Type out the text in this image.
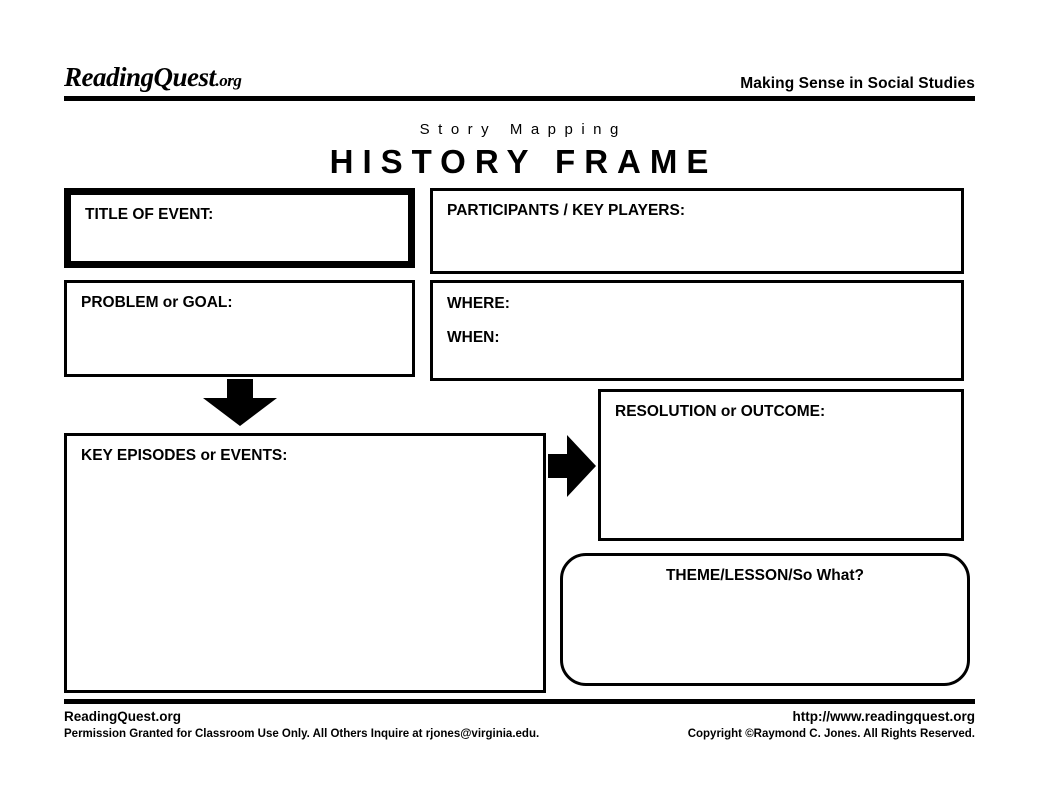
ReadingQuest.org	Making Sense in Social Studies
Story Mapping
HISTORY FRAME
TITLE OF EVENT:	PARTICIPANTS / KEY PLAYERS:
PROBLEM or GOAL:	WHERE:
WHEN:
KEY EPISODES or EVENTS:
RESOLUTION or OUTCOME:
THEME/LESSON/So What?
ReadingQuest.org
Permission Granted for Classroom Use Only. All Others Inquire at rjones@virginia.edu.
http://www.readingquest.org
Copyright ©Raymond C. Jones. All Rights Reserved.
